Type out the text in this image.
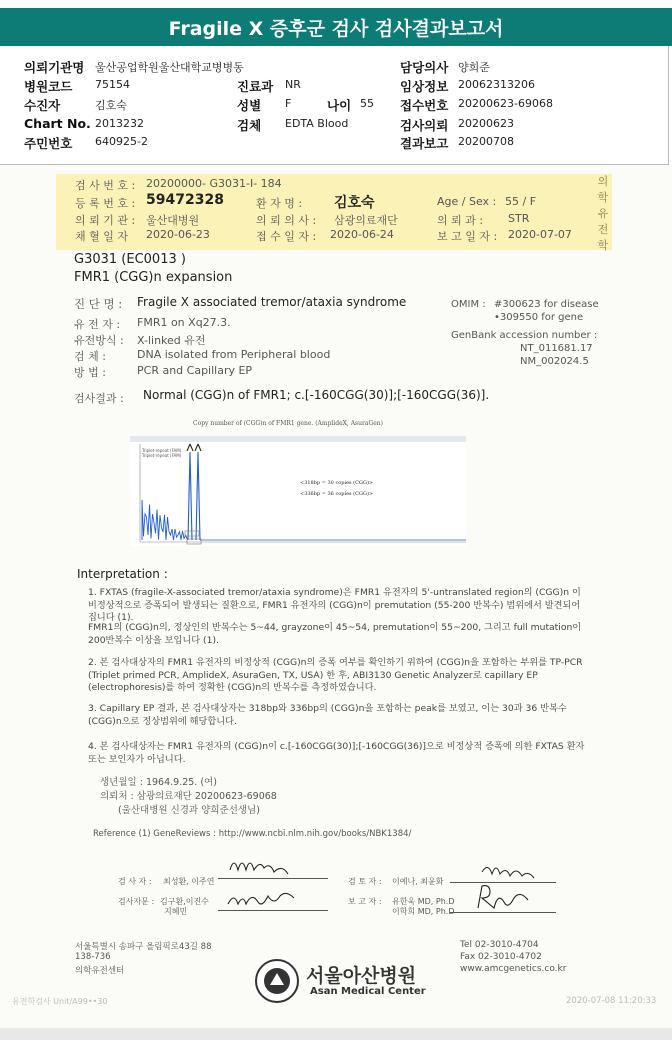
Fragile X 증후군 검사 검사결과보고서
의뢰기관명 울산공업학원울산대학교병병동	담당의사 양희준
병원코드 75154	진료과 NR	임상정보 20062313206
수진자	김호숙	성별 F	나이 55 접수번호 20200623-69068
Chart No. 2013232	검체 EDTA Blood	검사의뢰 20200623
주민번호 640925-2	결과보고 20200708
검 사 번 호 : 20200000- G3031-I- 184
등 록 번 호 : 59472328	환 자 명 : 김호숙	Age / Sex : 55 / F
의 뢰 기 관 : 울산대병원	의 뢰 의 사 : 삼광의료재단	의 뢰 과 : STR
채 혈 일 자 2020-06-23	접 수 일 자 : 2020-06-24	보 고 일 자 : 2020-07-07
의학유전학
G3031 (EC0013 )
FMR1 (CGG)n expansion
진 단 명 : Fragile X associated tremor/ataxia syndrome
유 전 자 : FMR1 on Xq27.3.
유전방식 : X-linked 유전
검 체 :	DNA isolated from Peripheral blood
방 법 :	PCR and Capillary EP
OMIM : #300623 for disease
•309550 for gene
GenBank accession number :
NT_011681.17
NM_002024.5
검사결과 : Normal (CGG)n of FMR1; c.[-160CGG(30)];[-160CGG(36)].
Copy number of (CGG)n of FMR1 gene. (AmplideX, AsuraGen)
Triplet-repeat (FAM)
Triplet-repeat (FAM)
<318bp = 30 copies (CGG)>
<336bp = 36 copies (CGG)>
Interpretation :
1. FXTAS (fragile-X-associated tremor/ataxia syndrome)은 FMR1 유전자의 5'-untranslated region의 (CGG)n 이 비정상적으로 증폭되어 발생되는 질환으로, FMR1 유전자의 (CGG)n이 premutation (55-200 반복수) 범위에서 발견되어집니다 (1).
FMR1의 (CGG)n의, 정상인의 반복수는 5~44, grayzone이 45~54, premutation이 55~200, 그리고 full mutation이 200반복수 이상을 보입니다 (1).
2. 본 검사대상자의 FMR1 유전자의 비정상적 (CGG)n의 증폭 여부를 확인하기 위하여 (CGG)n을 포함하는 부위를 TP-PCR (Triplet primed PCR, AmplideX, AsuraGen, TX, USA) 한 후, ABI3130 Genetic Analyzer로 capillary EP (electrophoresis)를 하여 정확한 (CGG)n의 반복수를 측정하였습니다.
3. Capillary EP 결과, 본 검사대상자는 318bp와 336bp의 (CGG)n을 포함하는 peak를 보였고, 이는 30과 36 반복수 (CGG)n으로 정상범위에 해당합니다.
4. 본 검사대상자는 FMR1 유전자의 (CGG)n이 c.[-160CGG(30)];[-160CGG(36)]으로 비정상적 증폭에 의한 FXTAS 환자 또는 보인자가 아닙니다.
생년월일 : 1964.9.25. (여)
의뢰처 : 삼광의료재단 20200623-69068
(울산대병원 신경과 양희준선생님)
Reference (1) GeneReviews : http://www.ncbi.nlm.nih.gov/books/NBK1384/
검 사 자 : 최성환, 이주연
검사자문 : 김구환,이진수
지혜민
검 토 자 : 이예나, 최윤화
보 고 자 : 유한욱 MD, Ph.D
이학희 MD, Ph.D
서울특별시 송파구 올림픽로43길 88
138-736
의학유전센터	서울아산병원
Asan Medical Center
Tel 02-3010-4704
Fax 02-3010-4702
www.amcgenetics.co.kr
유전학검사 Unit/A99••30	2020-07-08 11:20:33
